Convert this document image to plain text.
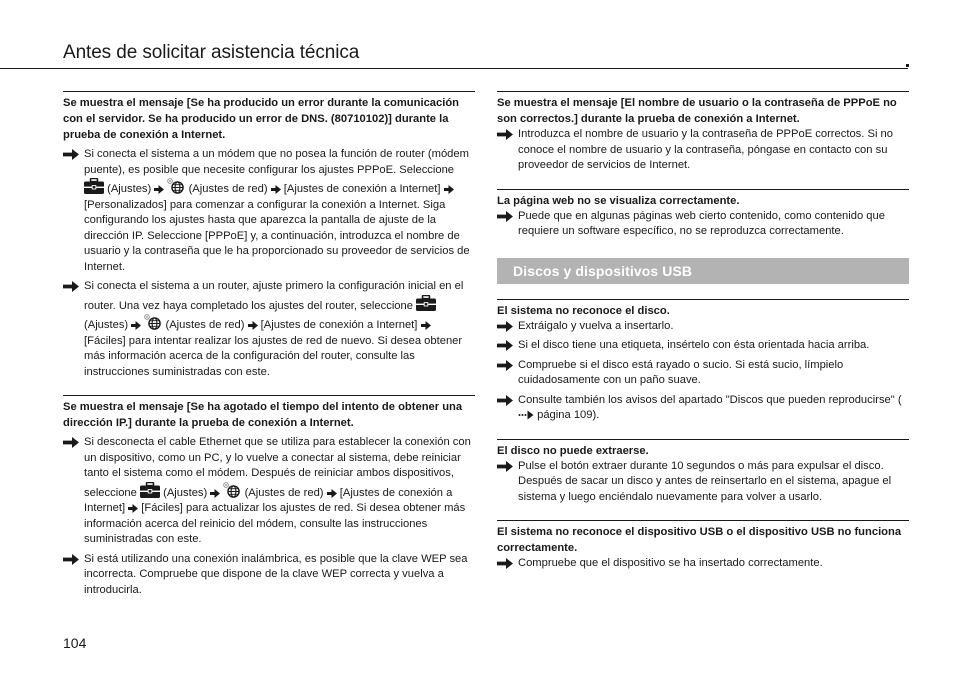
Antes de solicitar asistencia técnica

Se muestra el mensaje [Se ha producido un error durante la comunicación con el servidor. Se ha producido un error de DNS. (80710102)] durante la prueba de conexión a Internet.

Si conecta el sistema a un módem que no posea la función de router (módem puente), es posible que necesite configurar los ajustes PPPoE. Seleccione  (Ajustes)	(Ajustes de red) [Ajustes de conexión a Internet]  [Personalizados] para comenzar a configurar la conexión a Internet. Siga configurando los ajustes hasta que aparezca la pantalla de ajuste de la dirección IP. Seleccione [PPPoE] y, a continuación, introduzca el nombre de usuario y la contraseña que le ha proporcionado su proveedor de servicios de Internet.

Si conecta el sistema a un router, ajuste primero la configuración inicial en el router. Una vez haya completado los ajustes del router, seleccione  (Ajustes)	(Ajustes de red) [Ajustes de conexión a Internet]  [Fáciles] para intentar realizar los ajustes de red de nuevo. Si desea obtener más información acerca de la configuración del router, consulte las instrucciones suministradas con este.

Se muestra el mensaje [Se ha agotado el tiempo del intento de obtener una dirección IP.] durante la prueba de conexión a Internet.

Si desconecta el cable Ethernet que se utiliza para establecer la conexión con un dispositivo, como un PC, y lo vuelve a conectar al sistema, debe reiniciar tanto el sistema como el módem. Después de reiniciar ambos dispositivos, seleccione (Ajustes)	(Ajustes de red) [Ajustes de conexión a Internet] [Fáciles] para actualizar los ajustes de red. Si desea obtener más información acerca del reinicio del módem, consulte las instrucciones suministradas con este.

Si está utilizando una conexión inalámbrica, es posible que la clave WEP sea incorrecta. Compruebe que dispone de la clave WEP correcta y vuelva a introducirla.

Se muestra el mensaje [El nombre de usuario o la contraseña de PPPoE no son correctos.] durante la prueba de conexión a Internet.

Introduzca el nombre de usuario y la contraseña de PPPoE correctos. Si no conoce el nombre de usuario y la contraseña, póngase en contacto con su proveedor de servicios de Internet.

La página web no se visualiza correctamente.

Puede que en algunas páginas web cierto contenido, como contenido que requiere un software específico, no se reproduzca correctamente.

Discos y dispositivos USB

El sistema no reconoce el disco.

Extráigalo y vuelva a insertarlo.

Si el disco tiene una etiqueta, insértelo con ésta orientada hacia arriba.

Compruebe si el disco está rayado o sucio. Si está sucio, límpielo cuidadosamente con un paño suave.

Consulte también los avisos del apartado "Discos que pueden reproducirse" ( página 109).

El disco no puede extraerse.

Pulse el botón extraer durante 10 segundos o más para expulsar el disco. Después de sacar un disco y antes de reinsertarlo en el sistema, apague el sistema y luego enciéndalo nuevamente para volver a usarlo.

El sistema no reconoce el dispositivo USB o el dispositivo USB no funciona correctamente.

Compruebe que el dispositivo se ha insertado correctamente.

104
